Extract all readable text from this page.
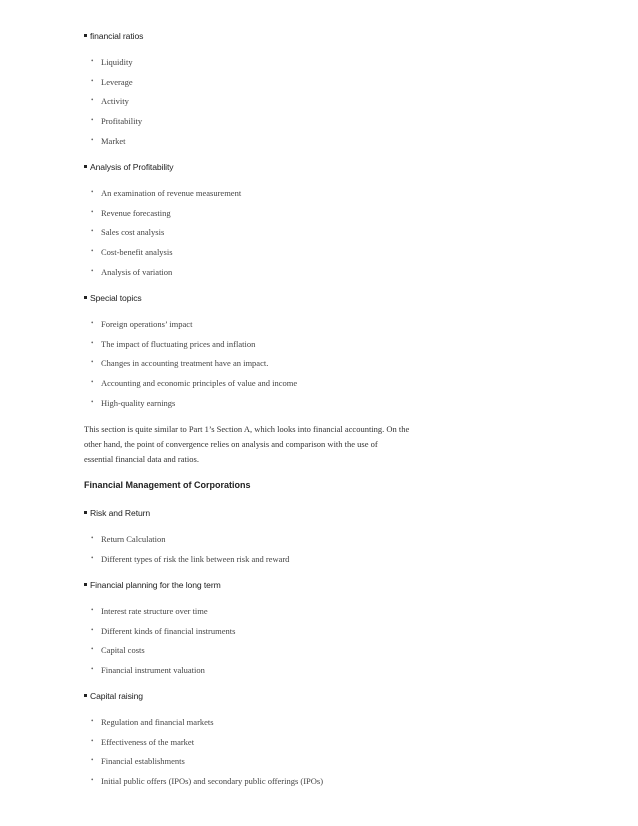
financial ratios
• Liquidity
• Leverage
• Activity
• Profitability
• Market
Analysis of Profitability
• An examination of revenue measurement
• Revenue forecasting
• Sales cost analysis
• Cost-benefit analysis
• Analysis of variation
Special topics
• Foreign operations’ impact
• The impact of fluctuating prices and inflation
• Changes in accounting treatment have an impact.
• Accounting and economic principles of value and income
• High-quality earnings
This section is quite similar to Part 1’s Section A, which looks into financial accounting. On the
other hand, the point of convergence relies on analysis and comparison with the use of
essential financial data and ratios.
Financial Management of Corporations
Risk and Return
• Return Calculation
• Different types of risk the link between risk and reward
Financial planning for the long term
• Interest rate structure over time
• Different kinds of financial instruments
• Capital costs
• Financial instrument valuation
Capital raising
• Regulation and financial markets
• Effectiveness of the market
• Financial establishments
• Initial public offers (IPOs) and secondary public offerings (IPOs)
